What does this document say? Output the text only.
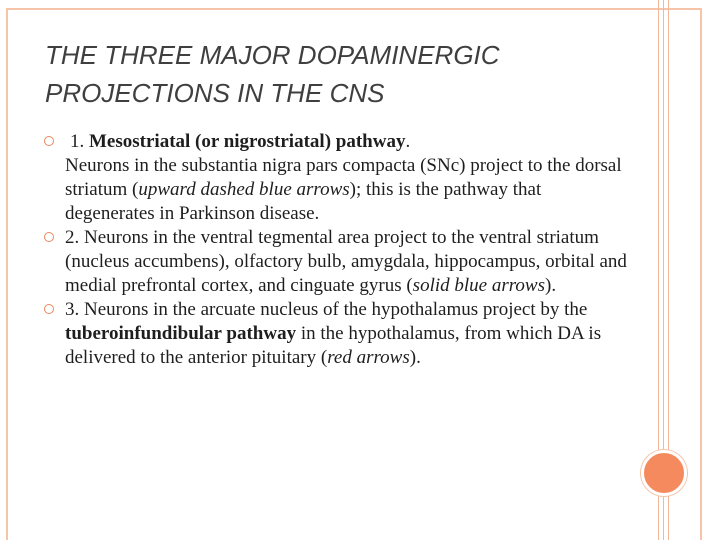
THE THREE MAJOR DOPAMINERGIC PROJECTIONS IN THE CNS
1. Mesostriatal (or nigrostriatal) pathway.
Neurons in the substantia nigra pars compacta (SNc) project to the dorsal striatum (upward dashed blue arrows); this is the pathway that degenerates in Parkinson disease.
2. Neurons in the ventral tegmental area project to the ventral striatum (nucleus accumbens), olfactory bulb, amygdala, hippocampus, orbital and medial prefrontal cortex, and cinguate gyrus (solid blue arrows).
3. Neurons in the arcuate nucleus of the hypothalamus project by the tuberoinfundibular pathway in the hypothalamus, from which DA is delivered to the anterior pituitary (red arrows).
